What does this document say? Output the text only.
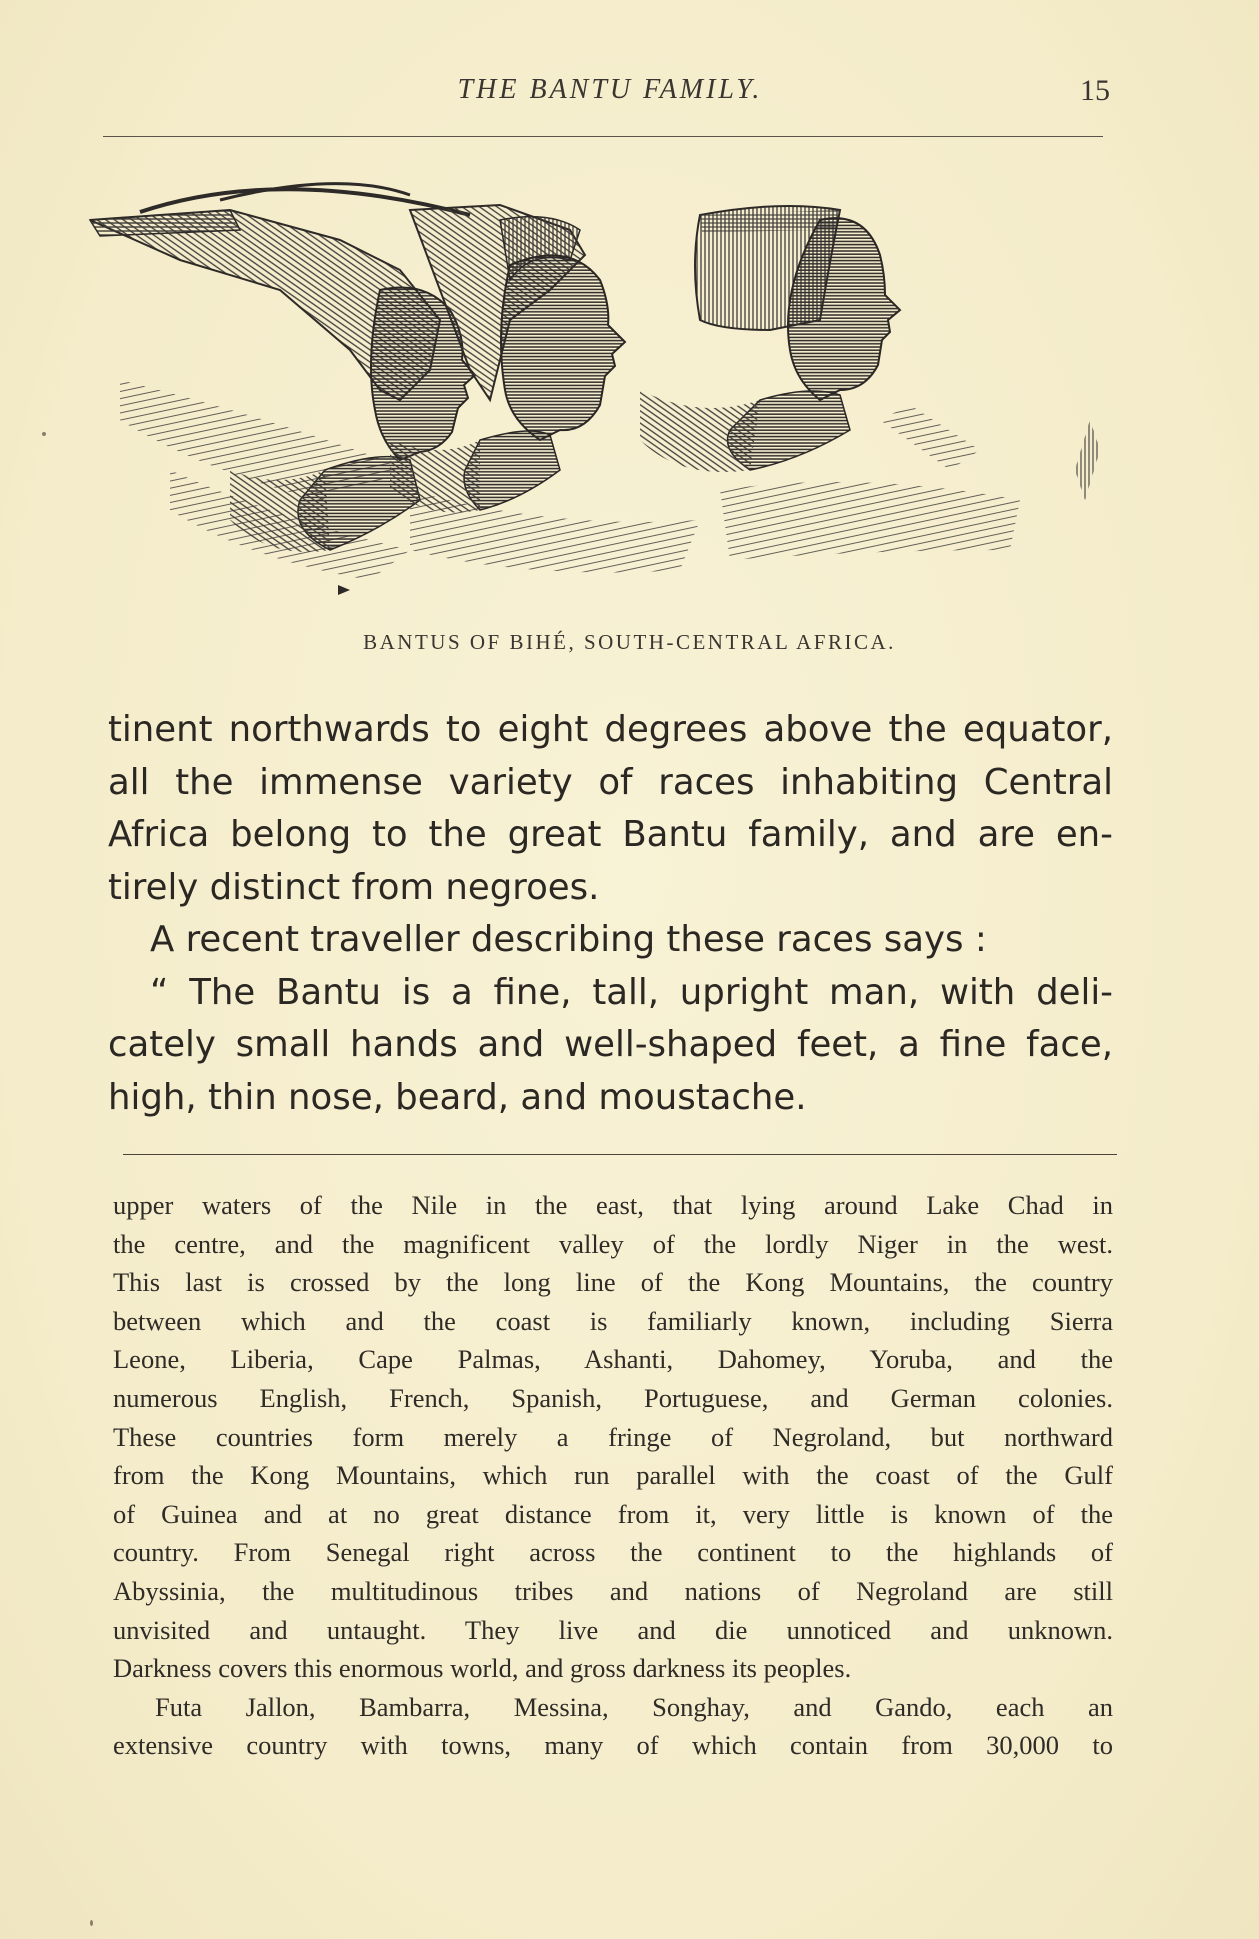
THE BANTU FAMILY.	15
BANTUS OF BIHÉ, SOUTH-CENTRAL AFRICA.
tinent northwards to eight degrees above the equator,
all the immense variety of races inhabiting Central
Africa belong to the great Bantu family, and are en-
tirely distinct from negroes.
A recent traveller describing these races says :
“ The Bantu is a fine, tall, upright man, with deli-
cately small hands and well-shaped feet, a fine face,
high, thin nose, beard, and moustache.
upper waters of the Nile in the east, that lying around Lake Chad in
the centre, and the magnificent valley of the lordly Niger in the west.
This last is crossed by the long line of the Kong Mountains, the country
between which and the coast is familiarly known, including Sierra
Leone, Liberia, Cape Palmas, Ashanti, Dahomey, Yoruba, and the
numerous English, French, Spanish, Portuguese, and German colonies.
These countries form merely a fringe of Negroland, but northward
from the Kong Mountains, which run parallel with the coast of the Gulf
of Guinea and at no great distance from it, very little is known of the
country. From Senegal right across the continent to the highlands of
Abyssinia, the multitudinous tribes and nations of Negroland are still
unvisited and untaught. They live and die unnoticed and unknown.
Darkness covers this enormous world, and gross darkness its peoples.
Futa Jallon, Bambarra, Messina, Songhay, and Gando, each an
extensive country with towns, many of which contain from 30,000 to
